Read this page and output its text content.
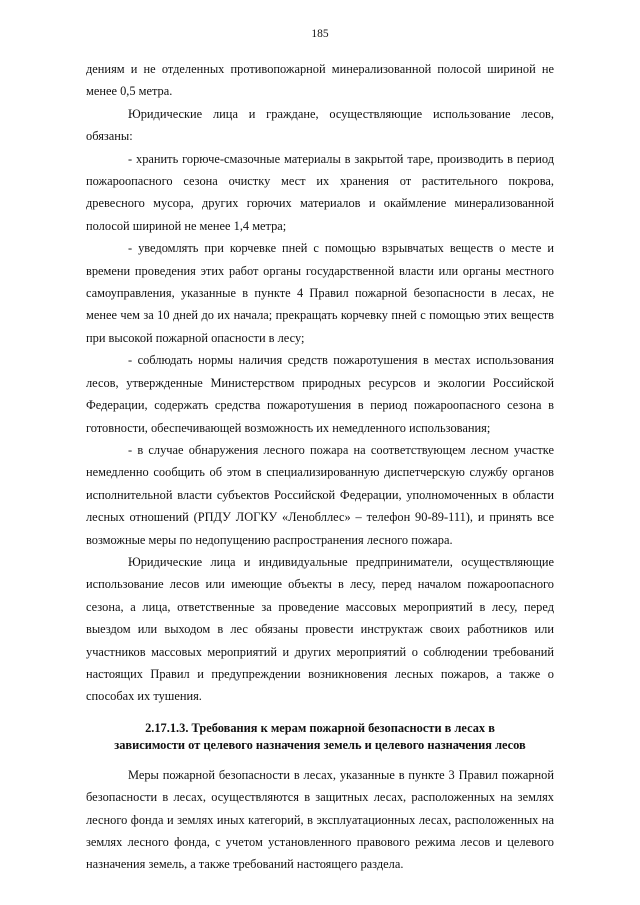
185

дениям и не отделенных противопожарной минерализованной полосой шириной не менее 0,5 метра.

Юридические лица и граждане, осуществляющие использование лесов, обязаны:

- хранить горюче-смазочные материалы в закрытой таре, производить в период пожароопасного сезона очистку мест их хранения от растительного покрова, древесного мусора, других горючих материалов и окаймление минерализованной полосой шириной не менее 1,4 метра;

- уведомлять при корчевке пней с помощью взрывчатых веществ о месте и времени проведения этих работ органы государственной власти или органы местного самоуправления, указанные в пункте 4 Правил пожарной безопасности в лесах, не менее чем за 10 дней до их начала; прекращать корчевку пней с помощью этих веществ при высокой пожарной опасности в лесу;

- соблюдать нормы наличия средств пожаротушения в местах использования лесов, утвержденные Министерством природных ресурсов и экологии Российской Федерации, содержать средства пожаротушения в период пожароопасного сезона в готовности, обеспечивающей возможность их немедленного использования;

- в случае обнаружения лесного пожара на соответствующем лесном участке немедленно сообщить об этом в специализированную диспетчерскую службу органов исполнительной власти субъектов Российской Федерации, уполномоченных в области лесных отношений (РПДУ ЛОГКУ «Ленобллес» – телефон 90-89-111), и принять все возможные меры по недопущению распространения лесного пожара.

Юридические лица и индивидуальные предприниматели, осуществляющие использование лесов или имеющие объекты в лесу, перед началом пожароопасного сезона, а лица, ответственные за проведение массовых мероприятий в лесу, перед выездом или выходом в лес обязаны провести инструктаж своих работников или участников массовых мероприятий и других мероприятий о соблюдении требований настоящих Правил и предупреждении возникновения лесных пожаров, а также о способах их тушения.

2.17.1.3. Требования к мерам пожарной безопасности в лесах в
зависимости от целевого назначения земель и целевого назначения лесов

Меры пожарной безопасности в лесах, указанные в пункте 3 Правил пожарной безопасности в лесах, осуществляются в защитных лесах, расположенных на землях лесного фонда и землях иных категорий, в эксплуатационных лесах, расположенных на землях лесного фонда, с учетом установленного правового режима лесов и целевого назначения земель, а также требований настоящего раздела.
